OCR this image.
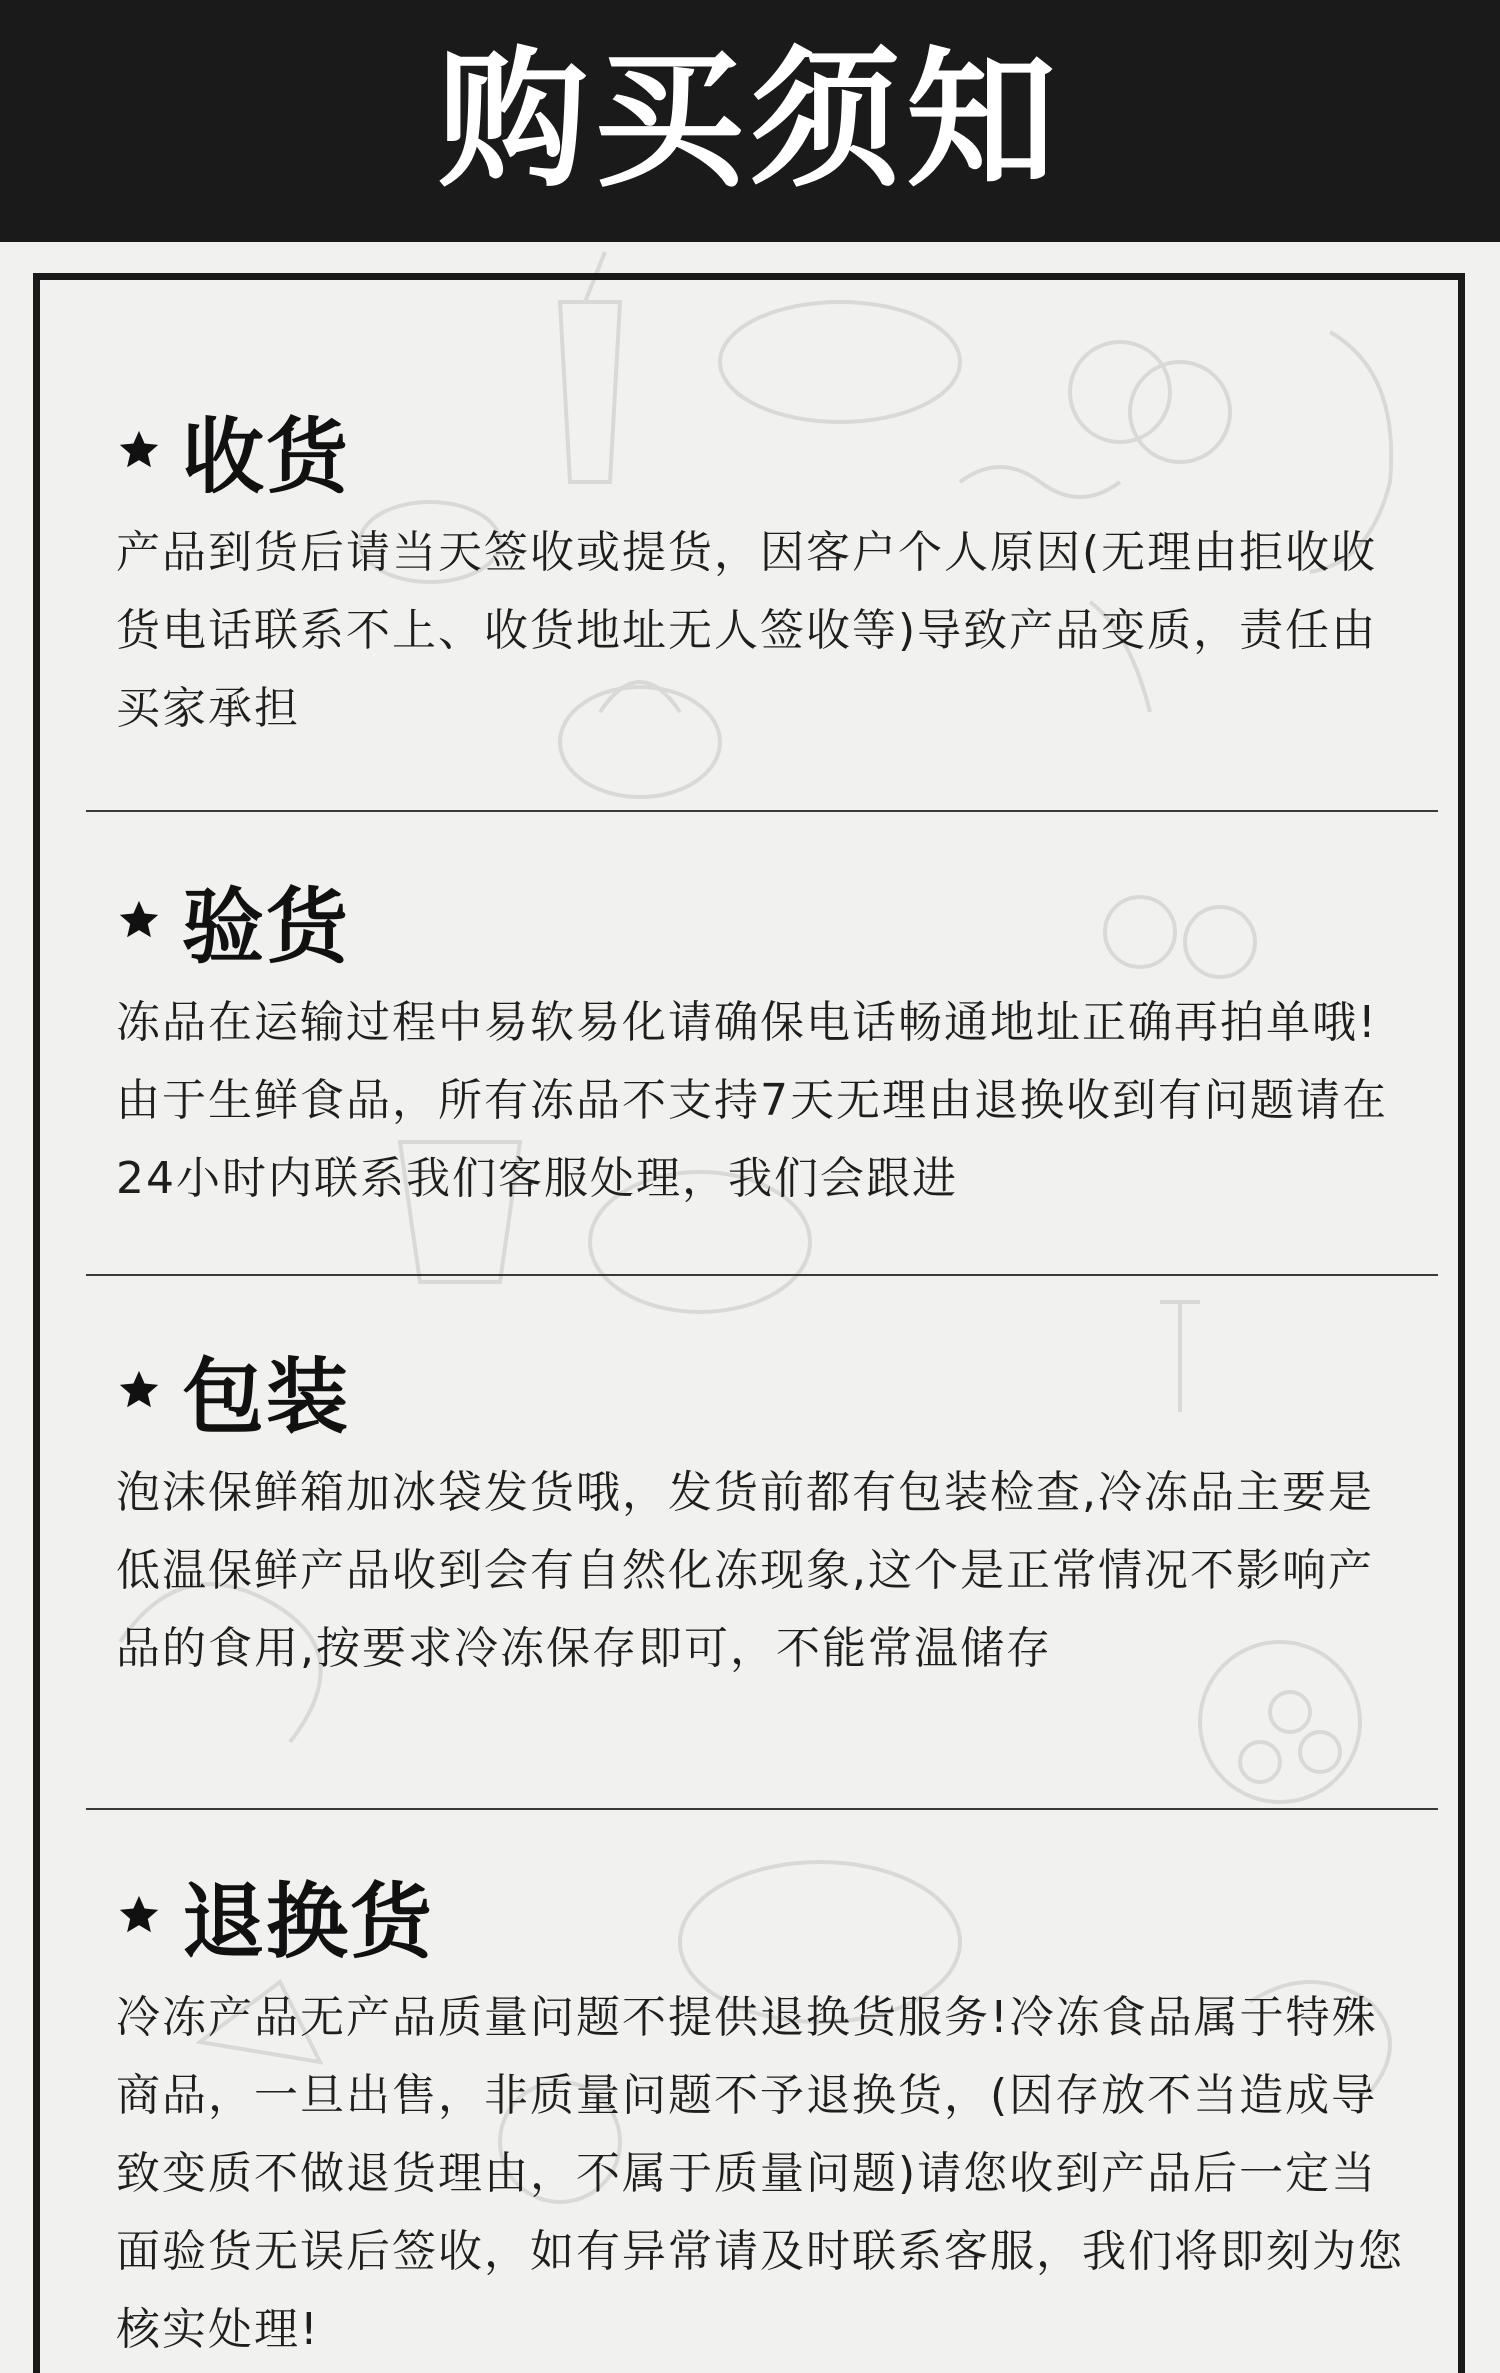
购买须知
收货
产品到货后请当天签收或提货，因客户个人原因(无理由拒收收货电话联系不上、收货地址无人签收等)导致产品变质，责任由买家承担
验货
冻品在运输过程中易软易化请确保电话畅通地址正确再拍单哦!由于生鲜食品，所有冻品不支持7天无理由退换收到有问题请在24小时内联系我们客服处理，我们会跟进
包装
泡沫保鲜箱加冰袋发货哦，发货前都有包装检查,冷冻品主要是低温保鲜产品收到会有自然化冻现象,这个是正常情况不影响产品的食用,按要求冷冻保存即可，不能常温储存
退换货
冷冻产品无产品质量问题不提供退换货服务!冷冻食品属于特殊商品，一旦出售，非质量问题不予退换货，(因存放不当造成导致变质不做退货理由，不属于质量问题)请您收到产品后一定当面验货无误后签收，如有异常请及时联系客服，我们将即刻为您核实处理!
